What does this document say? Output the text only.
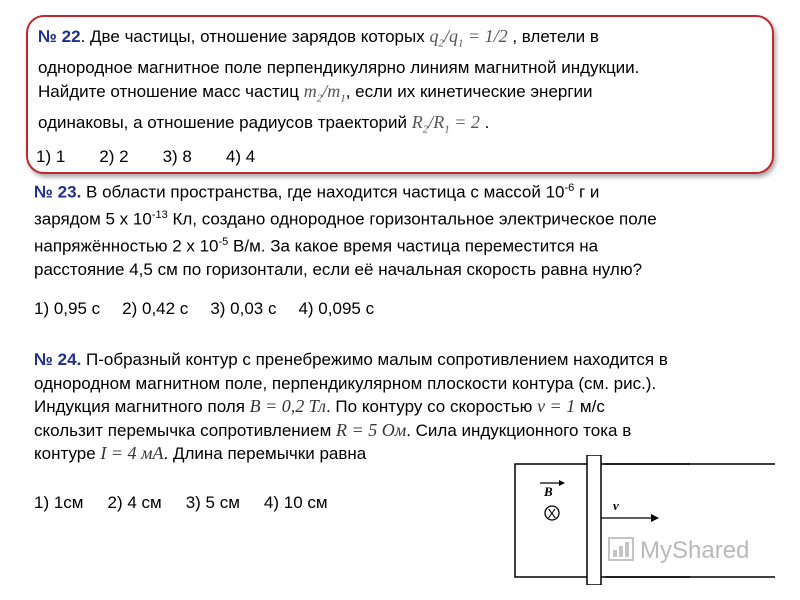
№ 22. Две частицы, отношение зарядов которых $q_2/q_1 = 1/2$ , влетели в
однородное магнитное поле перпендикулярно линиям магнитной индукции.
Найдите отношение масс частиц $m_2/m_1$, если их кинетические энергии
одинаковы, а отношение радиусов траекторий $R_2/R_1 = 2$ .
1) 1 2) 2 3) 8 4) 4
№ 23. В области пространства, где находится частица с массой $10^{-6}$ г и
зарядом 5 х $10^{-13}$ Кл, создано однородное горизонтальное электрическое поле
напряжённостью 2 х $10^{-5}$ В/м. За какое время частица переместится на
расстояние 4,5 см по горизонтали, если её начальная скорость равна нулю?
1) 0,95 с 2) 0,42 с 3) 0,03 с 4) 0,095 с
№ 24. П-образный контур с пренебрежимо малым сопротивлением находится в
однородном магнитном поле, перпендикулярном плоскости контура (см. рис.).
Индукция магнитного поля B = 0,2 Тл. По контуру со скоростью v = 1 м/с
скользит перемычка сопротивлением R = 5 Ом. Сила индукционного тока в
контуре I = 4 мА. Длина перемычки равна
1) 1см 2) 4 см 3) 5 см 4) 10 см
B
X
v
MyShared
